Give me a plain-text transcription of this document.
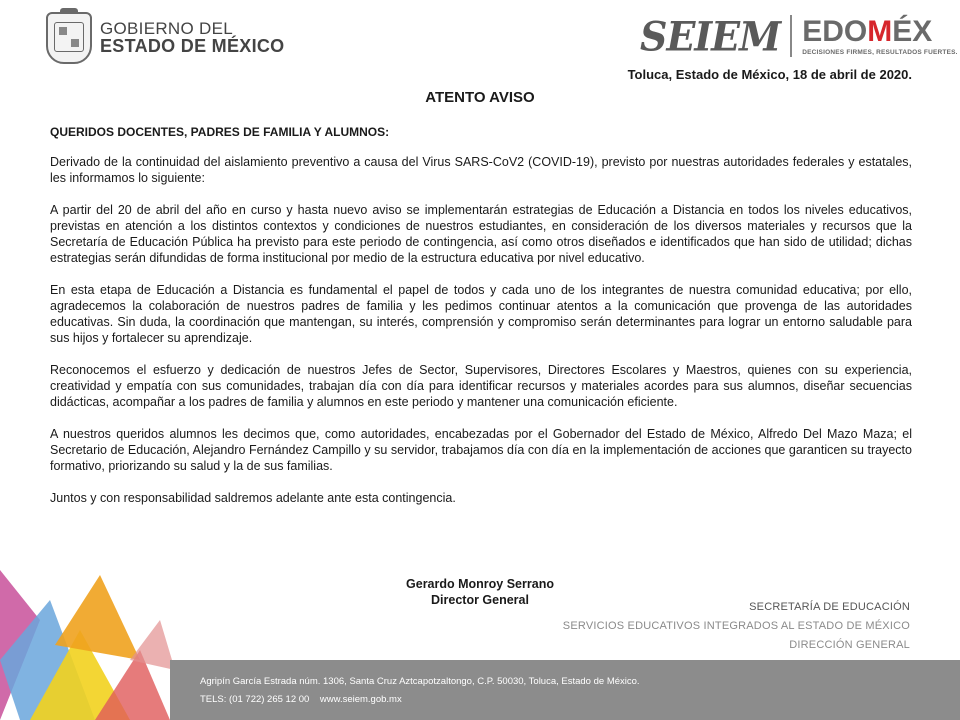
GOBIERNO DEL
ESTADO DE MÉXICO	SEIEM EDOMÉX
DECISIONES FIRMES, RESULTADOS FUERTES.
Toluca, Estado de México, 18 de abril de 2020.
ATENTO AVISO

QUERIDOS DOCENTES, PADRES DE FAMILIA Y ALUMNOS:

Derivado de la continuidad del aislamiento preventivo a causa del Virus SARS-CoV2 (COVID-19), previsto por nuestras autoridades federales y estatales, les informamos lo siguiente:

A partir del 20 de abril del año en curso y hasta nuevo aviso se implementarán estrategias de Educación a Distancia en todos los niveles educativos, previstas en atención a los distintos contextos y condiciones de nuestros estudiantes, en consideración de los diversos materiales y recursos que la Secretaría de Educación Pública ha previsto para este periodo de contingencia, así como otros diseñados e identificados que han sido de utilidad; dichas estrategias serán difundidas de forma institucional por medio de la estructura educativa por nivel educativo.

En esta etapa de Educación a Distancia es fundamental el papel de todos y cada uno de los integrantes de nuestra comunidad educativa; por ello, agradecemos la colaboración de nuestros padres de familia y les pedimos continuar atentos a la comunicación que provenga de las autoridades educativas. Sin duda, la coordinación que mantengan, su interés, comprensión y compromiso serán determinantes para lograr un entorno saludable para sus hijos y fortalecer su aprendizaje.

Reconocemos el esfuerzo y dedicación de nuestros Jefes de Sector, Supervisores, Directores Escolares y Maestros, quienes con su experiencia, creatividad y empatía con sus comunidades, trabajan día con día para identificar recursos y materiales acordes para sus alumnos, diseñar secuencias didácticas, acompañar a los padres de familia y alumnos en este periodo y mantener una comunicación eficiente.

A nuestros queridos alumnos les decimos que, como autoridades, encabezadas por el Gobernador del Estado de México, Alfredo Del Mazo Maza; el Secretario de Educación, Alejandro Fernández Campillo y su servidor, trabajamos día con día en la implementación de acciones que garanticen su trayecto formativo, priorizando su salud y la de sus familias.

Juntos y con responsabilidad saldremos adelante ante esta contingencia.

Gerardo Monroy Serrano
Director General	SECRETARÍA DE EDUCACIÓN
SERVICIOS EDUCATIVOS INTEGRADOS AL ESTADO DE MÉXICO
DIRECCIÓN GENERAL
Agripín García Estrada núm. 1306, Santa Cruz Aztcapotzaltongo, C.P. 50030, Toluca, Estado de México.
TELS: (01 722) 265 12 00    www.seiem.gob.mx
